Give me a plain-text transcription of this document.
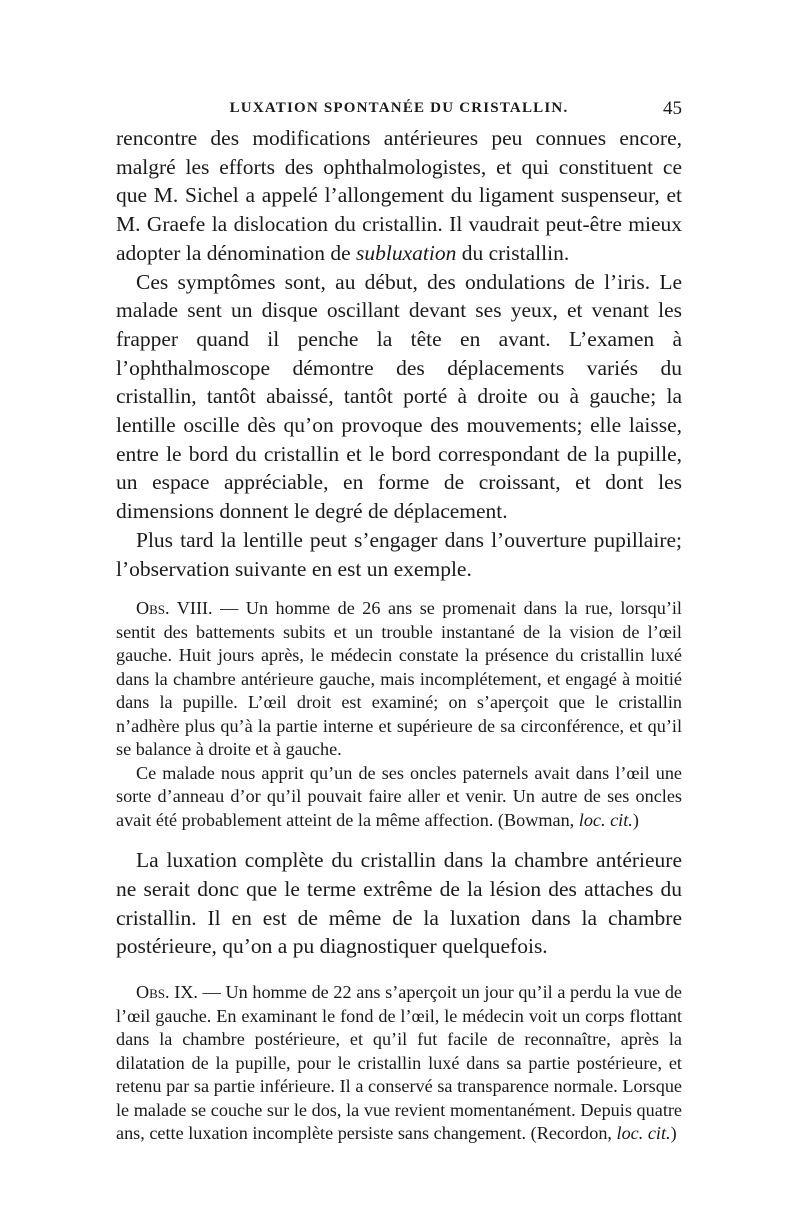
LUXATION SPONTANÉE DU CRISTALLIN.	45

rencontre des modifications antérieures peu connues encore, malgré les efforts des ophthalmologistes, et qui constituent ce que M. Sichel a appelé l’allongement du ligament suspenseur, et M. Graefe la dislocation du cristallin. Il vaudrait peut-être mieux adopter la dénomination de subluxation du cristallin.

Ces symptômes sont, au début, des ondulations de l’iris. Le malade sent un disque oscillant devant ses yeux, et venant les frapper quand il penche la tête en avant. L’examen à l’ophthalmoscope démontre des déplacements variés du cristallin, tantôt abaissé, tantôt porté à droite ou à gauche; la lentille oscille dès qu’on provoque des mouvements; elle laisse, entre le bord du cristallin et le bord correspondant de la pupille, un espace appréciable, en forme de croissant, et dont les dimensions donnent le degré de déplacement.

Plus tard la lentille peut s’engager dans l’ouverture pupillaire; l’observation suivante en est un exemple.

Obs. VIII. — Un homme de 26 ans se promenait dans la rue, lorsqu’il sentit des battements subits et un trouble instantané de la vision de l’œil gauche. Huit jours après, le médecin constate la présence du cristallin luxé dans la chambre antérieure gauche, mais incomplétement, et engagé à moitié dans la pupille. L’œil droit est examiné; on s’aperçoit que le cristallin n’adhère plus qu’à la partie interne et supérieure de sa circonférence, et qu’il se balance à droite et à gauche.

Ce malade nous apprit qu’un de ses oncles paternels avait dans l’œil une sorte d’anneau d’or qu’il pouvait faire aller et venir. Un autre de ses oncles avait été probablement atteint de la même affection. (Bowman, loc. cit.)

La luxation complète du cristallin dans la chambre antérieure ne serait donc que le terme extrême de la lésion des attaches du cristallin. Il en est de même de la luxation dans la chambre postérieure, qu’on a pu diagnostiquer quelquefois.

Obs. IX. — Un homme de 22 ans s’aperçoit un jour qu’il a perdu la vue de l’œil gauche. En examinant le fond de l’œil, le médecin voit un corps flottant dans la chambre postérieure, et qu’il fut facile de reconnaître, après la dilatation de la pupille, pour le cristallin luxé dans sa partie postérieure, et retenu par sa partie inférieure. Il a conservé sa transparence normale. Lorsque le malade se couche sur le dos, la vue revient momentanément. Depuis quatre ans, cette luxation incomplète persiste sans changement. (Recordon, loc. cit.)
